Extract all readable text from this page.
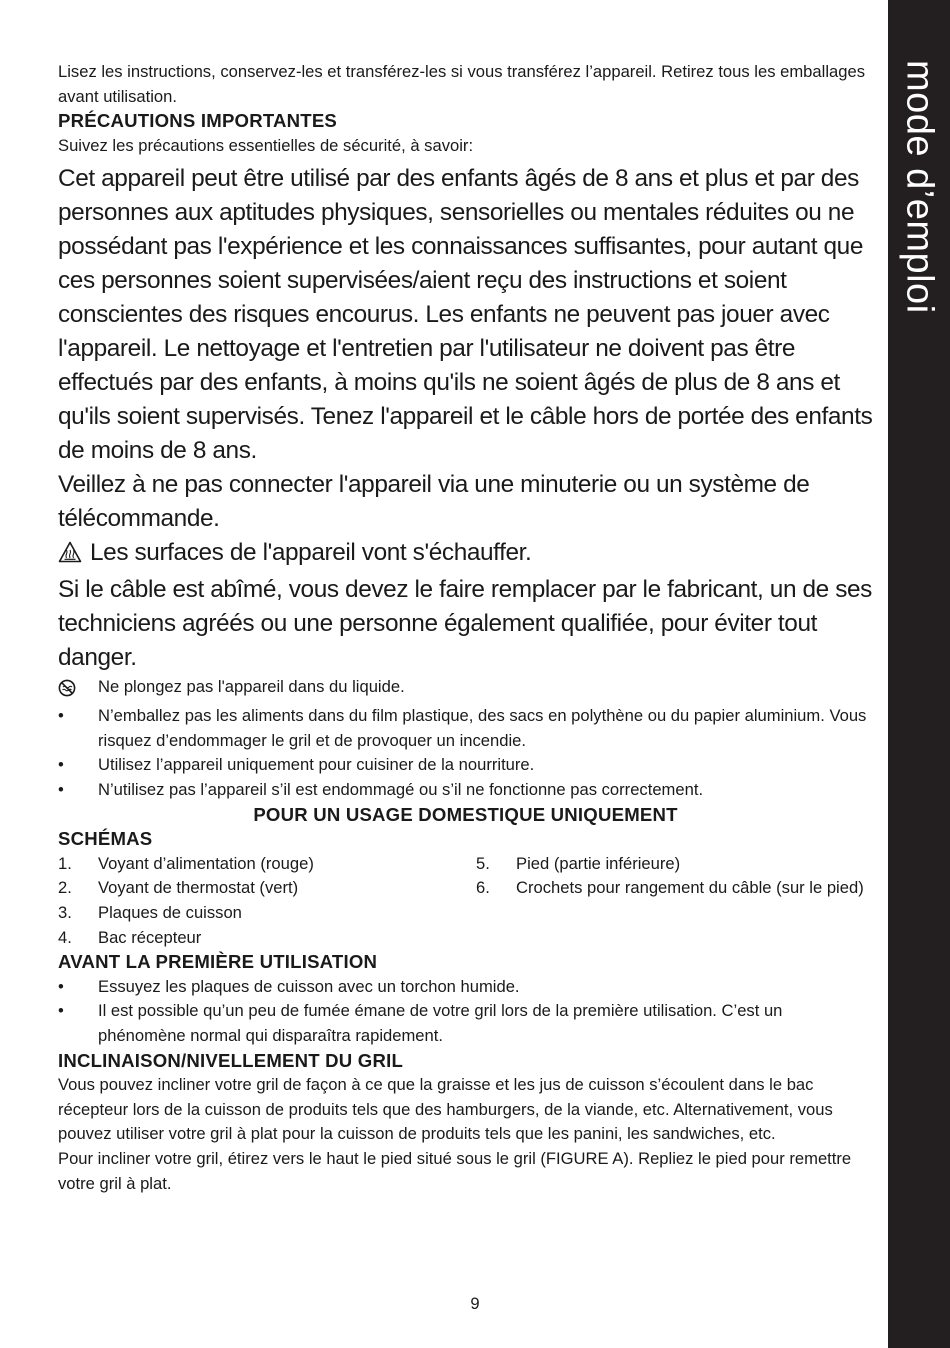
mode d’emploi

Lisez les instructions, conservez-les et transférez-les si vous transférez l’appareil. Retirez tous les emballages avant utilisation.

PRÉCAUTIONS IMPORTANTES

Suivez les précautions essentielles de sécurité, à savoir:

Cet appareil peut être utilisé par des enfants âgés de 8 ans et plus et par des personnes aux aptitudes physiques, sensorielles ou mentales réduites ou ne possédant pas l'expérience et les connaissances suffisantes, pour autant que ces personnes soient supervisées/aient reçu des instructions et soient conscientes des risques encourus. Les enfants ne peuvent pas jouer avec l'appareil. Le nettoyage et l'entretien par l'utilisateur ne doivent pas être effectués par des enfants, à moins qu'ils ne soient âgés de plus de 8 ans et qu'ils soient supervisés. Tenez l'appareil et le câble hors de portée des enfants de moins de 8 ans.

Veillez à ne pas connecter l'appareil via une minuterie ou un système de télécommande.

Les surfaces de l'appareil vont s'échauffer.

Si le câble est abîmé, vous devez le faire remplacer par le fabricant, un de ses techniciens agréés ou une personne également qualifiée, pour éviter tout danger.

Ne plongez pas l'appareil dans du liquide.
•	N’emballez pas les aliments dans du film plastique, des sacs en polythène ou du papier aluminium. Vous risquez d’endommager le gril et de provoquer un incendie.
•	Utilisez l’appareil uniquement pour cuisiner de la nourriture.
•	N’utilisez pas l’appareil s’il est endommagé ou s’il ne fonctionne pas correctement.

POUR UN USAGE DOMESTIQUE UNIQUEMENT

SCHÉMAS

1.	Voyant d’alimentation (rouge)
2.	Voyant de thermostat (vert)
3.	Plaques de cuisson
4.	Bac récepteur
5.	Pied (partie inférieure)
6.	Crochets pour rangement du câble (sur le pied)

AVANT LA PREMIÈRE UTILISATION

•	Essuyez les plaques de cuisson avec un torchon humide.
•	Il est possible qu’un peu de fumée émane de votre gril lors de la première utilisation. C’est un phénomène normal qui disparaîtra rapidement.

INCLINAISON/NIVELLEMENT DU GRIL

Vous pouvez incliner votre gril de façon à ce que la graisse et les jus de cuisson s’écoulent dans le bac récepteur lors de la cuisson de produits tels que des hamburgers, de la viande, etc. Alternativement, vous pouvez utiliser votre gril à plat pour la cuisson de produits tels que les panini, les sandwiches, etc.

Pour incliner votre gril, étirez vers le haut le pied situé sous le gril (FIGURE A). Repliez le pied pour remettre votre gril à plat.

9
